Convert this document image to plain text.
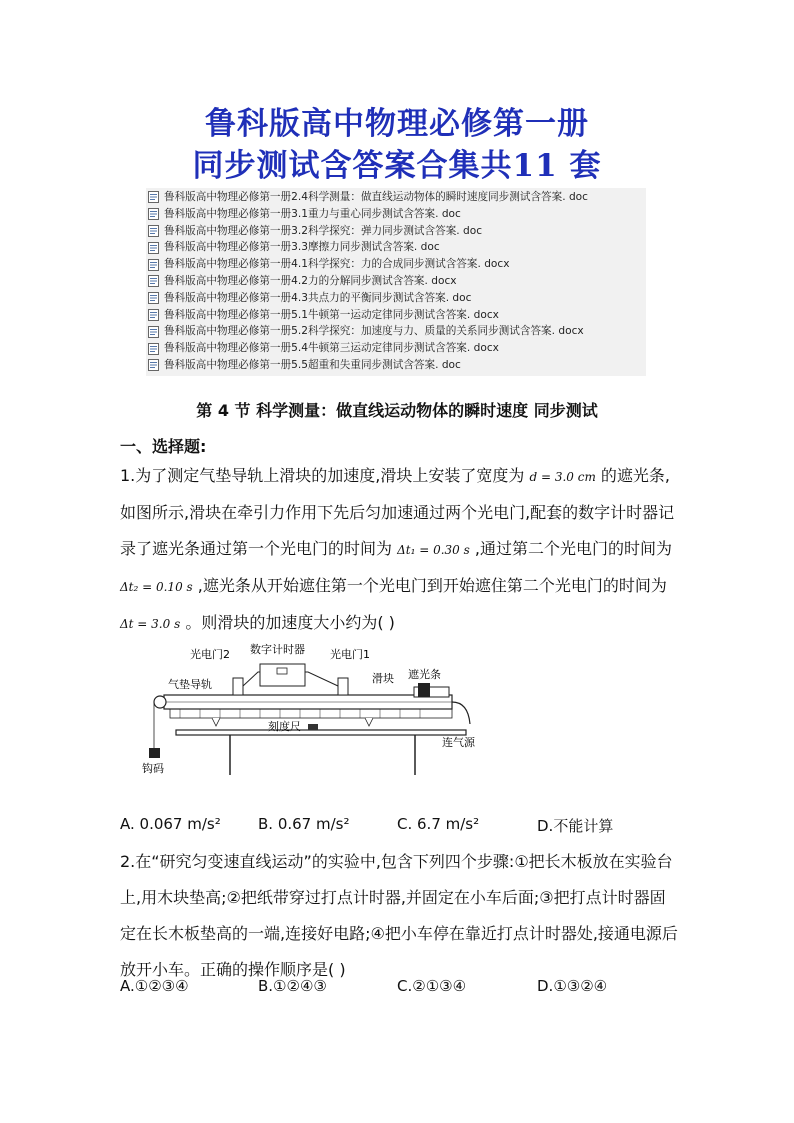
鲁科版高中物理必修第一册
同步测试含答案合集共11 套
鲁科版高中物理必修第一册2.4科学测量：做直线运动物体的瞬时速度同步测试含答案. doc
鲁科版高中物理必修第一册3.1重力与重心同步测试含答案. doc
鲁科版高中物理必修第一册3.2科学探究：弹力同步测试含答案. doc
鲁科版高中物理必修第一册3.3摩擦力同步测试含答案. doc
鲁科版高中物理必修第一册4.1科学探究：力的合成同步测试含答案. docx
鲁科版高中物理必修第一册4.2力的分解同步测试含答案. docx
鲁科版高中物理必修第一册4.3共点力的平衡同步测试含答案. doc
鲁科版高中物理必修第一册5.1牛顿第一运动定律同步测试含答案. docx
鲁科版高中物理必修第一册5.2科学探究：加速度与力、质量的关系同步测试含答案. docx
鲁科版高中物理必修第一册5.4牛顿第三运动定律同步测试含答案. docx
鲁科版高中物理必修第一册5.5超重和失重同步测试含答案. doc
第 4 节 科学测量：做直线运动物体的瞬时速度 同步测试
一、选择题:
1.为了测定气垫导轨上滑块的加速度,滑块上安装了宽度为 d = 3.0 cm 的遮光条,如图所示,滑块在牵引力作用下先后匀加速通过两个光电门,配套的数字计时器记录了遮光条通过第一个光电门的时间为 Δt₁ = 0.30 s ,通过第二个光电门的时间为 Δt₂ = 0.10 s ,遮光条从开始遮住第一个光电门到开始遮住第二个光电门的时间为 Δt = 3.0 s 。则滑块的加速度大小约为( )
光电门2 数字计时器 光电门1
气垫导轨	滑块 遮光条
刻度尺
连气源
钩码
A. 0.067 m/s² B. 0.67 m/s²	C. 6.7 m/s²	D.不能计算
2.在“研究匀变速直线运动”的实验中,包含下列四个步骤:①把长木板放在实验台上,用木块垫高;②把纸带穿过打点计时器,并固定在小车后面;③把打点计时器固定在长木板垫高的一端,连接好电路;④把小车停在靠近打点计时器处,接通电源后放开小车。正确的操作顺序是( )
A.①②③④	B.①②④③	C.②①③④	D.①③②④
